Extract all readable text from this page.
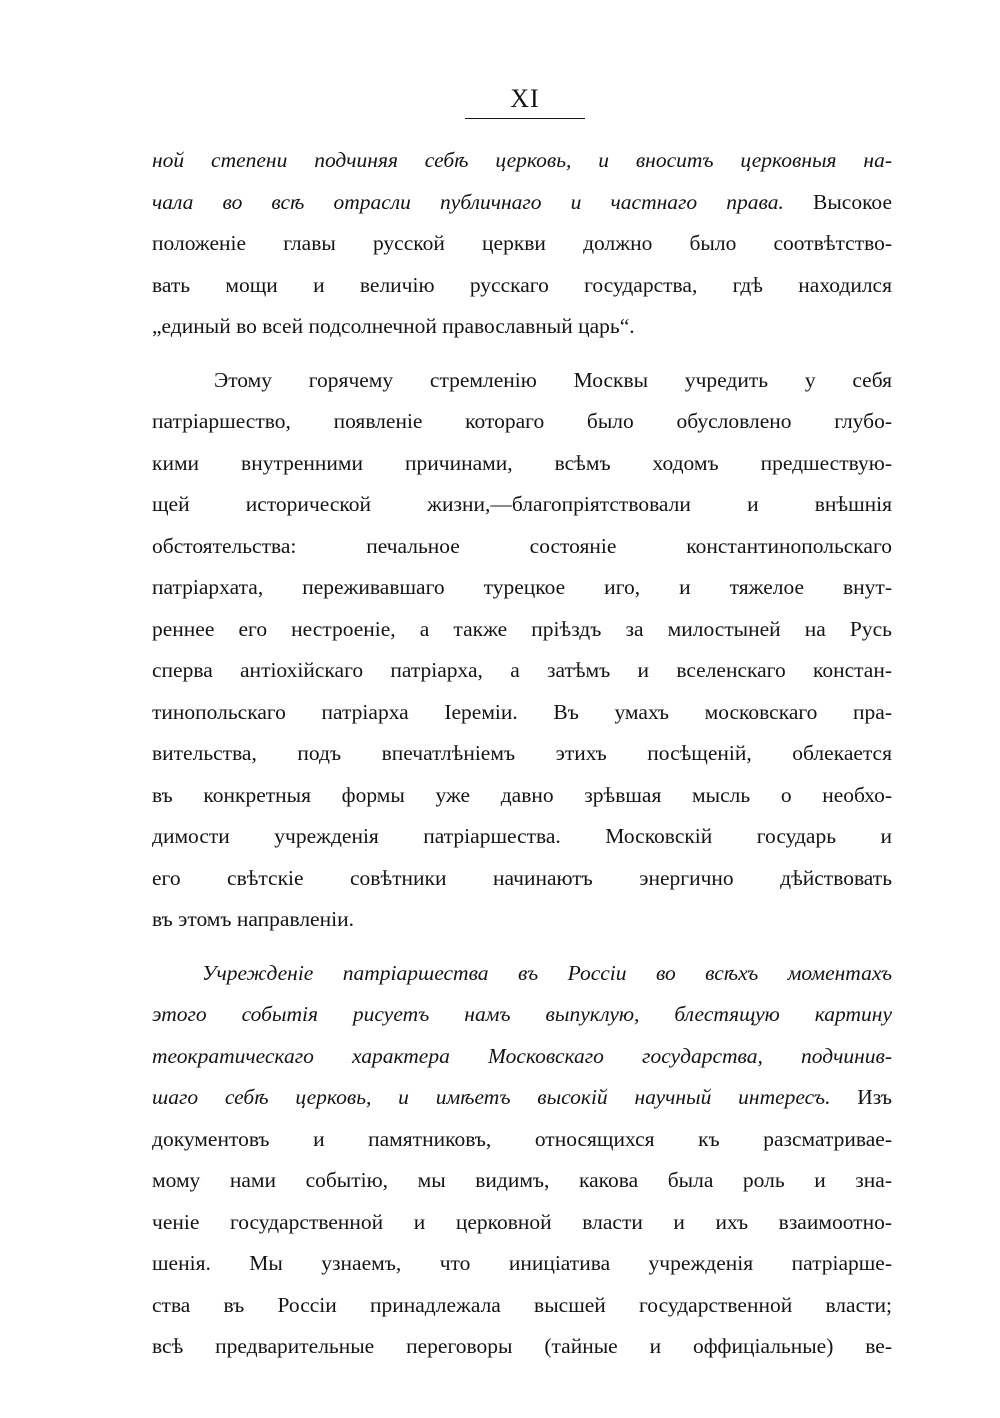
XI
ной степени подчиняя себѣ церковь, и вноситъ церковныя на-
чала во всѣ отрасли публичнаго и частнаго права. Высокое
положеніе главы русской церкви должно было соотвѣтство-
вать мощи и величію русскаго государства, гдѣ находился
„единый во всей подсолнечной православный царь“.
Этому горячему стремленію Москвы учредить у себя
патріаршество, появленіе котораго было обусловлено глубо-
кими внутренними причинами, всѣмъ ходомъ предшествую-
щей исторической жизни,—благопріятствовали и внѣшнія
обстоятельства: печальное состояніе константинопольскаго
патріархата, переживавшаго турецкое иго, и тяжелое внут-
реннее его нестроеніе, а также пріѣздъ за милостыней на Русь
сперва антіохійскаго патріарха, а затѣмъ и вселенскаго констан-
тинопольскаго патріарха Іереміи. Въ умахъ московскаго пра-
вительства, подъ впечатлѣніемъ этихъ посѣщеній, облекается
въ конкретныя формы уже давно зрѣвшая мысль о необхо-
димости учрежденія патріаршества. Московскій государь и
его свѣтскіе совѣтники начинаютъ энергично дѣйствовать
въ этомъ направленіи.
Учрежденіе патріаршества въ Россіи во всѣхъ моментахъ
этого событія рисуетъ намъ выпуклую, блестящую картину
теократическаго характера Московскаго государства, подчинив-
шаго себѣ церковь, и имѣетъ высокій научный интересъ. Изъ
документовъ и памятниковъ, относящихся къ разсматривае-
мому нами событію, мы видимъ, какова была роль и зна-
ченіе государственной и церковной власти и ихъ взаимоотно-
шенія. Мы узнаемъ, что иниціатива учрежденія патріарше-
ства въ Россіи принадлежала высшей государственной власти;
всѣ предварительные переговоры (тайные и оффиціальные) ве-
